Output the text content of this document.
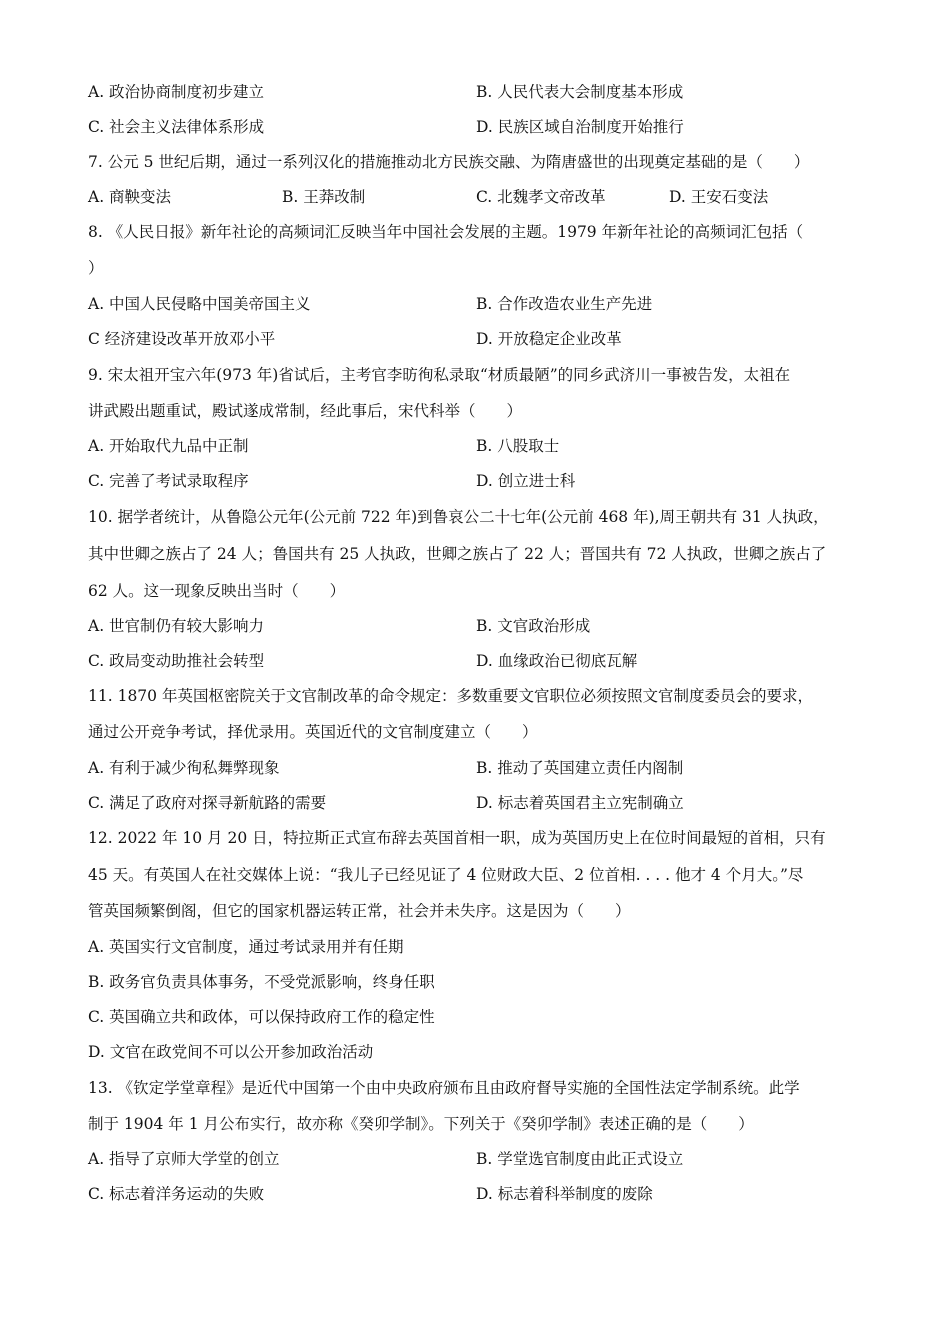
A. 政治协商制度初步建立	B. 人民代表大会制度基本形成
C. 社会主义法律体系形成	D. 民族区域自治制度开始推行
7. 公元 5 世纪后期，通过一系列汉化的措施推动北方民族交融、为隋唐盛世的出现奠定基础的是（　　）
A. 商鞅变法	B. 王莽改制	C. 北魏孝文帝改革	D. 王安石变法
8. 《人民日报》新年社论的高频词汇反映当年中国社会发展的主题。1979 年新年社论的高频词汇包括（
）
A. 中国人民侵略中国美帝国主义	B. 合作改造农业生产先进
C 经济建设改革开放邓小平	D. 开放稳定企业改革
9. 宋太祖开宝六年(973 年)省试后，主考官李昉徇私录取“材质最陋”的同乡武济川一事被告发，太祖在
讲武殿出题重试，殿试遂成常制，经此事后，宋代科举（　　）
A. 开始取代九品中正制	B. 八股取士
C. 完善了考试录取程序	D. 创立进士科
10. 据学者统计，从鲁隐公元年(公元前 722 年)到鲁哀公二十七年(公元前 468 年),周王朝共有 31 人执政，
其中世卿之族占了 24 人；鲁国共有 25 人执政，世卿之族占了 22 人；晋国共有 72 人执政，世卿之族占了
62 人。这一现象反映出当时（　　）
A. 世官制仍有较大影响力	B. 文官政治形成
C. 政局变动助推社会转型	D. 血缘政治已彻底瓦解
11. 1870 年英国枢密院关于文官制改革的命令规定：多数重要文官职位必须按照文官制度委员会的要求，
通过公开竞争考试，择优录用。英国近代的文官制度建立（　　）
A. 有利于减少徇私舞弊现象	B. 推动了英国建立责任内阁制
C. 满足了政府对探寻新航路的需要	D. 标志着英国君主立宪制确立
12. 2022 年 10 月 20 日，特拉斯正式宣布辞去英国首相一职，成为英国历史上在位时间最短的首相，只有
45 天。有英国人在社交媒体上说：“我儿子已经见证了 4 位财政大臣、2 位首相. . . . 他才 4 个月大。”尽
管英国频繁倒阁，但它的国家机器运转正常，社会并未失序。这是因为（　　）
A. 英国实行文官制度，通过考试录用并有任期
B. 政务官负责具体事务，不受党派影响，终身任职
C. 英国确立共和政体，可以保持政府工作的稳定性
D. 文官在政党间不可以公开参加政治活动
13. 《钦定学堂章程》是近代中国第一个由中央政府颁布且由政府督导实施的全国性法定学制系统。此学
制于 1904 年 1 月公布实行，故亦称《癸卯学制》。下列关于《癸卯学制》表述正确的是（　　）
A. 指导了京师大学堂的创立	B. 学堂选官制度由此正式设立
C. 标志着洋务运动的失败	D. 标志着科举制度的废除
